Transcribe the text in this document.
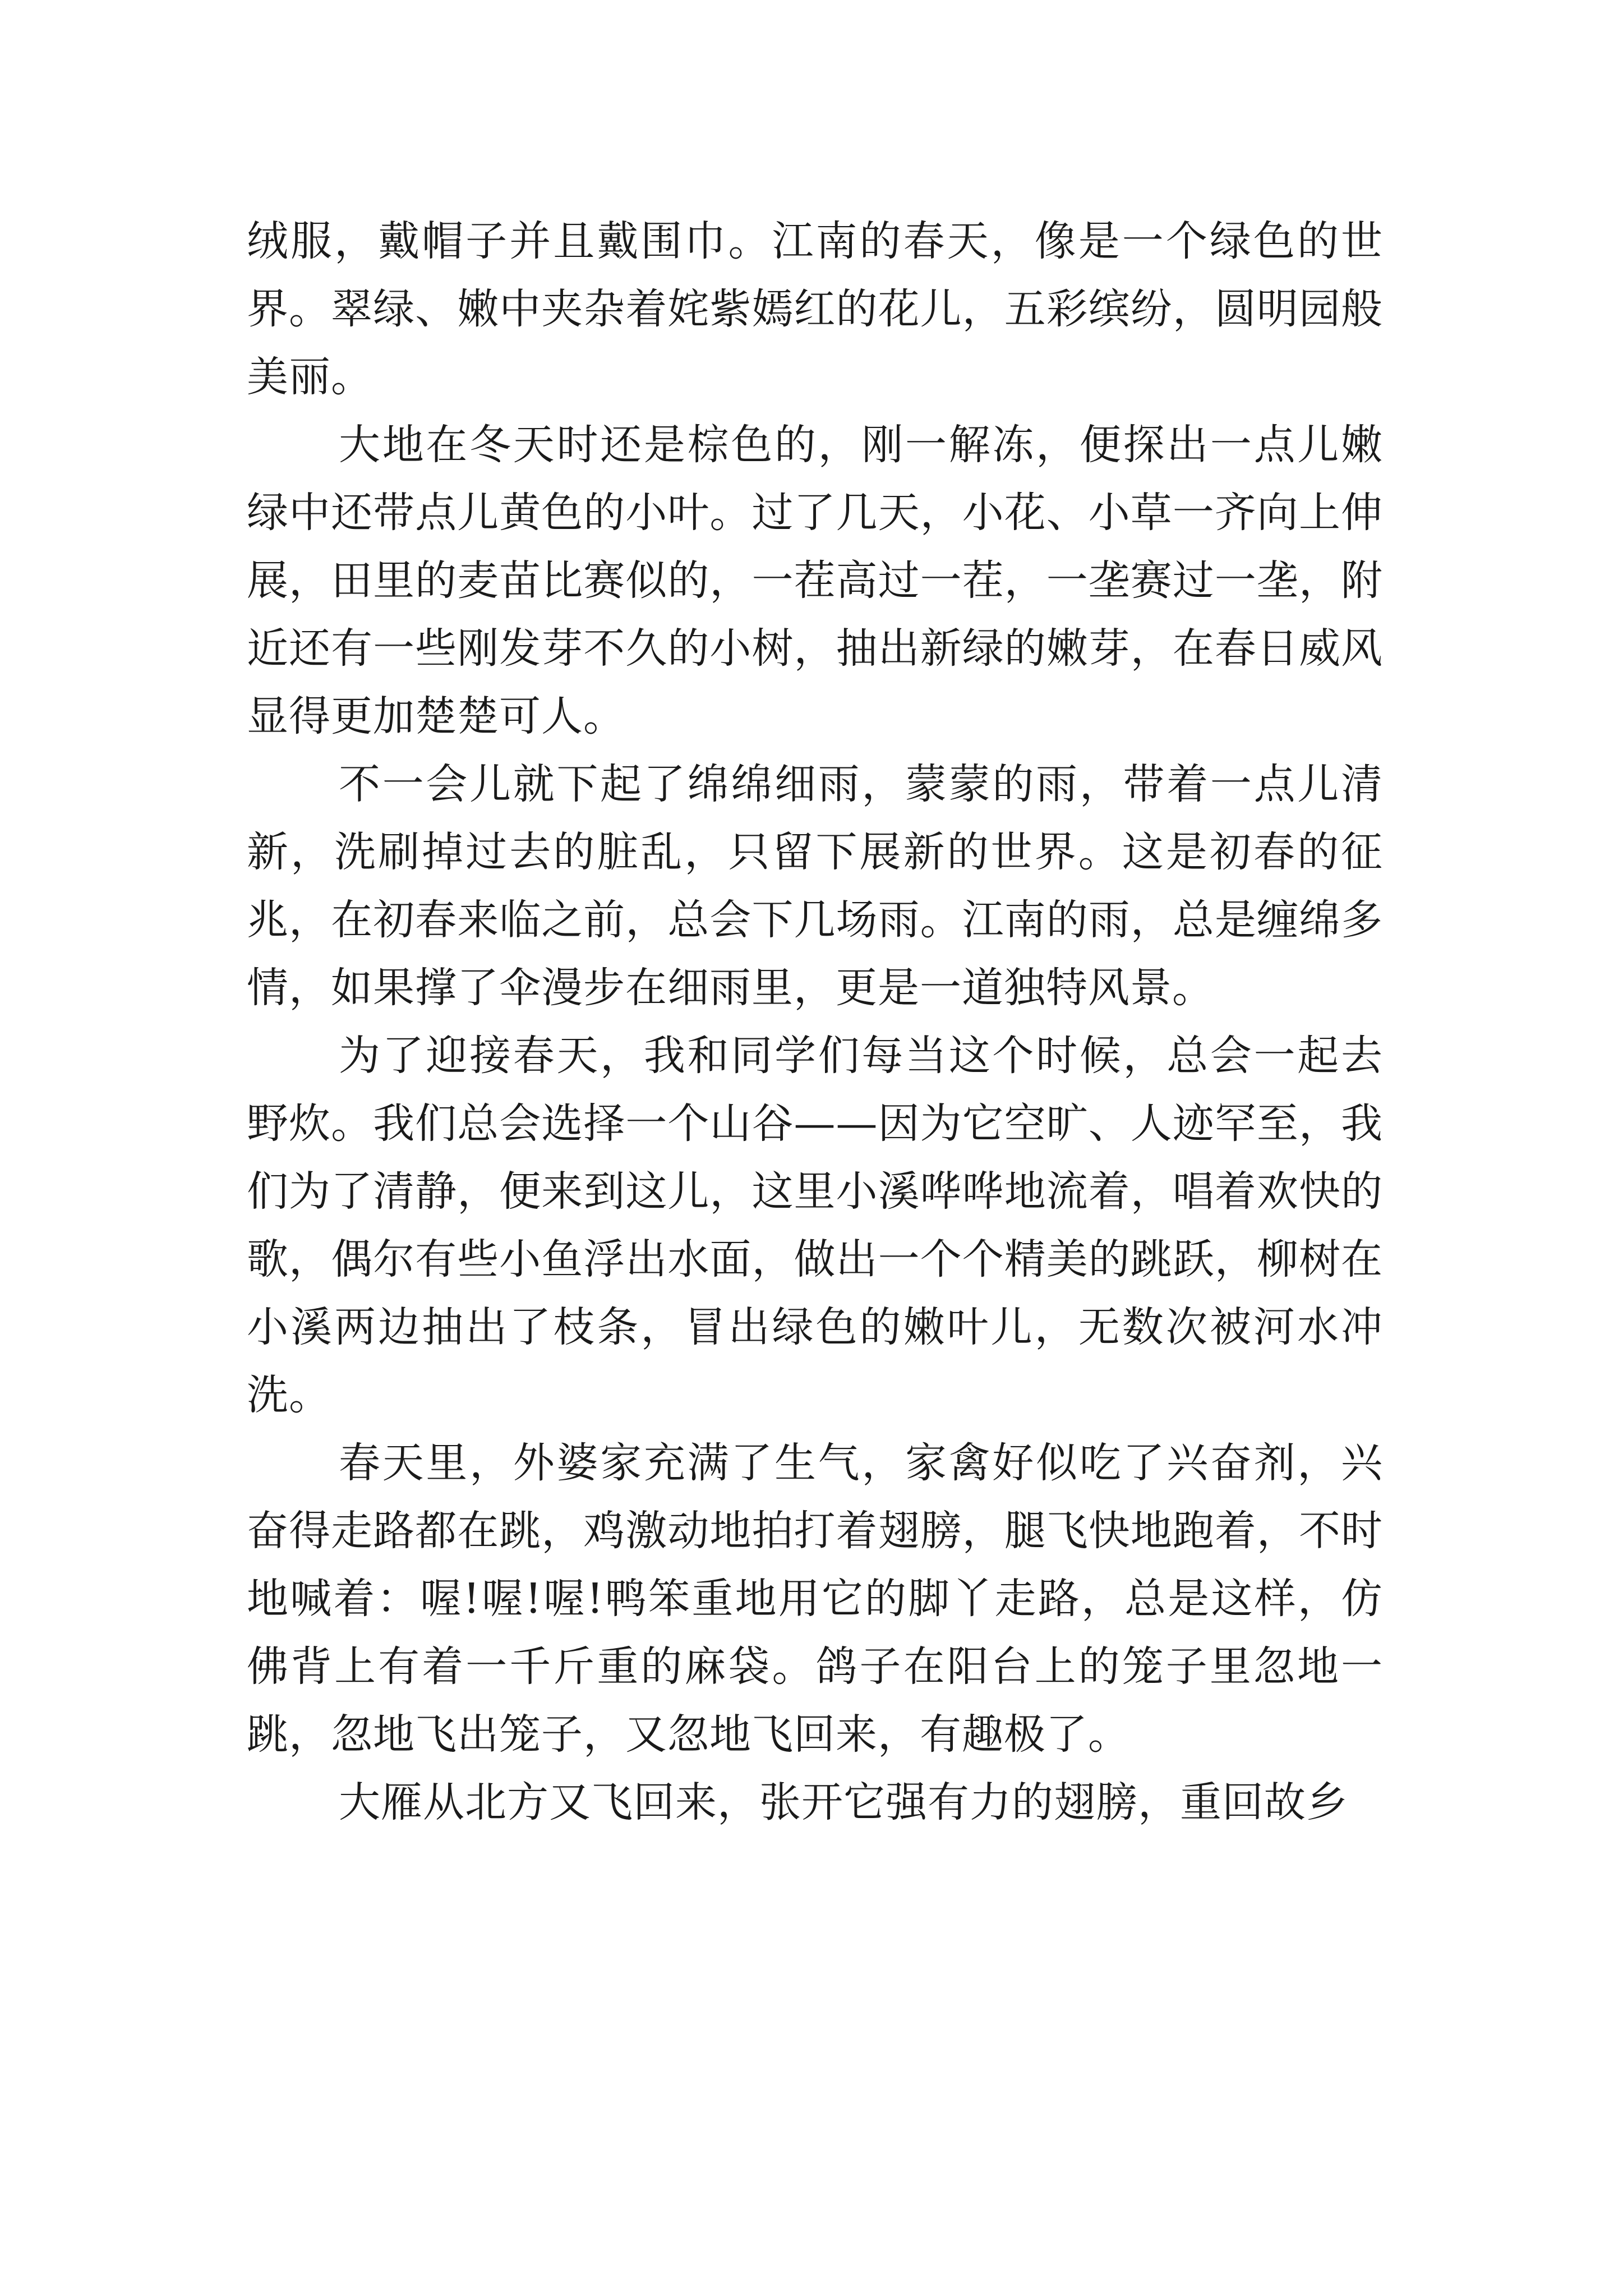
绒服，戴帽子并且戴围巾。江南的春天，像是一个绿色的世界。翠绿、嫩中夹杂着姹紫嫣红的花儿，五彩缤纷，圆明园般美丽。

大地在冬天时还是棕色的，刚一解冻，便探出一点儿嫩绿中还带点儿黄色的小叶。过了几天，小花、小草一齐向上伸展，田里的麦苗比赛似的，一茬高过一茬，一垄赛过一垄，附近还有一些刚发芽不久的小树，抽出新绿的嫩芽，在春日威风显得更加楚楚可人。

不一会儿就下起了绵绵细雨，蒙蒙的雨，带着一点儿清新，洗刷掉过去的脏乱，只留下展新的世界。这是初春的征兆，在初春来临之前，总会下几场雨。江南的雨，总是缠绵多情，如果撑了伞漫步在细雨里，更是一道独特风景。

为了迎接春天，我和同学们每当这个时候，总会一起去野炊。我们总会选择一个山谷——因为它空旷、人迹罕至，我们为了清静，便来到这儿，这里小溪哗哗地流着，唱着欢快的歌，偶尔有些小鱼浮出水面，做出一个个精美的跳跃，柳树在小溪两边抽出了枝条，冒出绿色的嫩叶儿，无数次被河水冲洗。

春天里，外婆家充满了生气，家禽好似吃了兴奋剂，兴奋得走路都在跳，鸡激动地拍打着翅膀，腿飞快地跑着，不时地喊着：喔!喔!喔!鸭笨重地用它的脚丫走路，总是这样，仿佛背上有着一千斤重的麻袋。鸽子在阳台上的笼子里忽地一跳，忽地飞出笼子，又忽地飞回来，有趣极了。

大雁从北方又飞回来，张开它强有力的翅膀，重回故乡
